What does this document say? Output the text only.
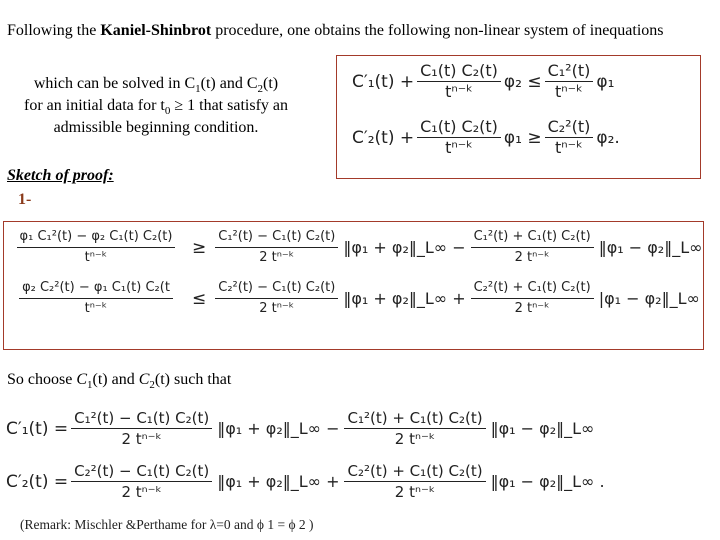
Following the Kaniel-Shinbrot procedure, one obtains the following non-linear system of inequations
which can be solved in $C_1(t)$ and $C_2(t)$
for an initial data for $t_0 \ge 1$ that satisfy an
admissible beginning condition.
$C'_1(t) + \frac{\text{C₁(t) C₂(t)}}{\text{tⁿ⁻ᵏ}} \varphi_2 \le \frac{\text{C₁²(t)}}{\text{tⁿ⁻ᵏ}} \varphi_1$
$C'_2(t) + \frac{\text{C₁(t) C₂(t)}}{\text{tⁿ⁻ᵏ}} \varphi_1 \ge \frac{\text{C₂²(t)}}{\text{tⁿ⁻ᵏ}} \varphi_2$.
Sketch of proof:
1-
$\frac{\text{φ₁ C₁²(t) − φ₂ C₁(t) C₂(t)}}{\text{tⁿ⁻ᵏ}} \ge \frac{\text{C₁²(t) − C₁(t) C₂(t)}}{\text{2 tⁿ⁻ᵏ}}$ ‖φ₁ + φ₂‖_L∞ − $\frac{\text{C₁²(t) + C₁(t) C₂(t)}}{\text{2 tⁿ⁻ᵏ}}$ ‖φ₁ − φ₂‖_L∞
$\frac{\text{φ₂ C₂²(t) − φ₁ C₁(t) C₂(t}}{\text{tⁿ⁻ᵏ}} \le \frac{\text{C₂²(t) − C₁(t) C₂(t)}}{\text{2 tⁿ⁻ᵏ}}$ ‖φ₁ + φ₂‖_L∞ + $\frac{\text{C₂²(t) + C₁(t) C₂(t)}}{\text{2 tⁿ⁻ᵏ}} |\varphi_1$ − φ₂‖_L∞
So choose $C_1(t)$ and $C_2(t)$ such that
$C'_1(t) = \frac{\text{C₁²(t) − C₁(t) C₂(t)}}{\text{2 tⁿ⁻ᵏ}}$ ‖φ₁ + φ₂‖_L∞ − $\frac{\text{C₁²(t) + C₁(t) C₂(t)}}{\text{2 tⁿ⁻ᵏ}}$ ‖φ₁ − φ₂‖_L∞
$C'_2(t) = \frac{\text{C₂²(t) − C₁(t) C₂(t)}}{\text{2 tⁿ⁻ᵏ}}$ ‖φ₁ + φ₂‖_L∞ + $\frac{\text{C₂²(t) + C₁(t) C₂(t)}}{\text{2 tⁿ⁻ᵏ}}$ ‖φ₁ − φ₂‖_L∞ .
(Remark: Mischler &Perthame for λ=0 and ϕ 1 = ϕ 2 )
